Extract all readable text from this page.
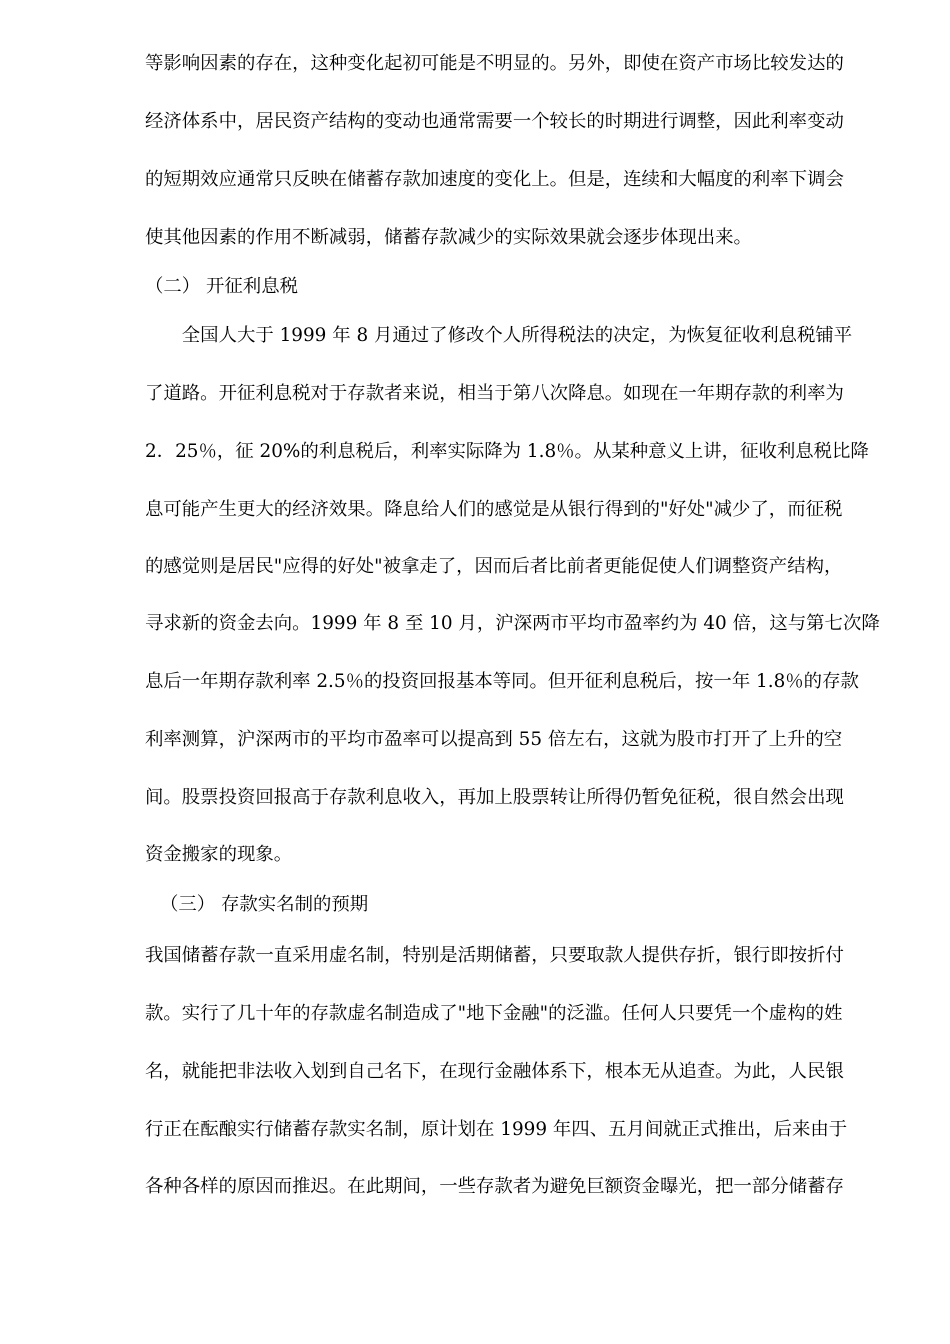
等影响因素的存在，这种变化起初可能是不明显的。另外，即使在资产市场比较发达的
经济体系中，居民资产结构的变动也通常需要一个较长的时期进行调整，因此利率变动
的短期效应通常只反映在储蓄存款加速度的变化上。但是，连续和大幅度的利率下调会
使其他因素的作用不断减弱，储蓄存款减少的实际效果就会逐步体现出来。
（二） 开征利息税
　　全国人大于 1999 年 8 月通过了修改个人所得税法的决定，为恢复征收利息税铺平
了道路。开征利息税对于存款者来说，相当于第八次降息。如现在一年期存款的利率为
2．25％，征 20%的利息税后，利率实际降为 1.8％。从某种意义上讲，征收利息税比降
息可能产生更大的经济效果。降息给人们的感觉是从银行得到的"好处"减少了，而征税
的感觉则是居民"应得的好处"被拿走了，因而后者比前者更能促使人们调整资产结构，
寻求新的资金去向。1999 年 8 至 10 月，沪深两市平均市盈率约为 40 倍，这与第七次降
息后一年期存款利率 2.5％的投资回报基本等同。但开征利息税后，按一年 1.8％的存款
利率测算，沪深两市的平均市盈率可以提高到 55 倍左右，这就为股市打开了上升的空
间。股票投资回报高于存款利息收入，再加上股票转让所得仍暂免征税，很自然会出现
资金搬家的现象。
（三） 存款实名制的预期
我国储蓄存款一直采用虚名制，特别是活期储蓄，只要取款人提供存折，银行即按折付
款。实行了几十年的存款虚名制造成了"地下金融"的泛滥。任何人只要凭一个虚构的姓
名，就能把非法收入划到自己名下，在现行金融体系下，根本无从追查。为此，人民银
行正在酝酿实行储蓄存款实名制，原计划在 1999 年四、五月间就正式推出，后来由于
各种各样的原因而推迟。在此期间，一些存款者为避免巨额资金曝光，把一部分储蓄存
